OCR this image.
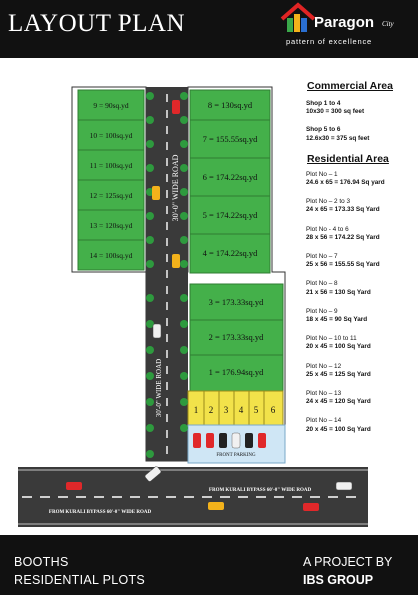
LAYOUT PLAN	Paragon City
pattern of excellence
9 = 90sq.yd
10 = 100sq.yd
11 = 100sq.yd
12 = 125sq.yd
13 = 120sq.yd
14 = 100sq.yd
8 = 130sq.yd
7 = 155.55sq.yd
6 = 174.22sq.yd
5 = 174.22sq.yd
4 = 174.22sq.yd
3 = 173.33sq.yd
2 = 173.33sq.yd
1 = 176.94sq.yd
1 2 3 4 5 6
30'-0" WIDE ROAD
30'-0" WIDE ROAD
FROM KURALI BYPASS 60'-0" WIDE ROAD
FROM KURALI BYPASS 60'-0" WIDE ROAD
FRONT PARKING
Commercial Area
Shop 1 to 4
10x30 = 300 sq feet
Shop 5 to 6
12.6x30 = 375 sq feet
Residential Area
Plot No – 1
24.6 x 65 = 176.94 Sq yard
Plot No – 2 to 3
24 x 65 = 173.33 Sq Yard
Plot No - 4 to 6
28 x 56 = 174.22 Sq Yard
Plot No – 7
25 x 56 = 155.55 Sq Yard
Plot No – 8
21 x 56 = 130 Sq Yard
Plot No – 9
18 x 45 = 90 Sq Yard
Plot No – 10 to 11
20 x 45 = 100 Sq Yard
Plot No – 12
25 x 45 = 125 Sq Yard
Plot No – 13
24 x 45 = 120 Sq Yard
Plot No – 14
20 x 45 = 100 Sq Yard
BOOTHS
RESIDENTIAL PLOTS
A PROJECT BY
IBS GROUP
